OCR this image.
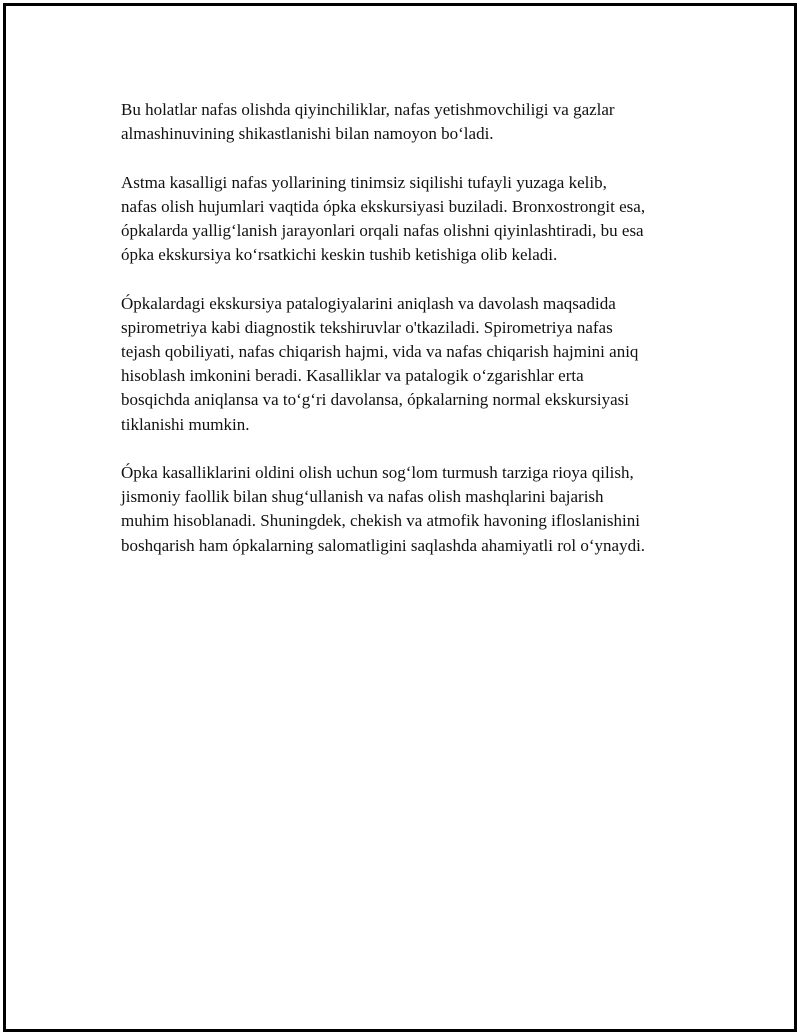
Bu holatlar nafas olishda qiyinchiliklar, nafas yetishmovchiligi va gazlar
almashinuvining shikastlanishi bilan namoyon bo‘ladi.

Astma kasalligi nafas yollarining tinimsiz siqilishi tufayli yuzaga kelib,
nafas olish hujumlari vaqtida ópka ekskursiyasi buziladi. Bronxostrongit esa,
ópkalarda yallig‘lanish jarayonlari orqali nafas olishni qiyinlashtiradi, bu esa
ópka ekskursiya ko‘rsatkichi keskin tushib ketishiga olib keladi.

Ópkalardagi ekskursiya patalogiyalarini aniqlash va davolash maqsadida
spirometriya kabi diagnostik tekshiruvlar o'tkaziladi. Spirometriya nafas
tejash qobiliyati, nafas chiqarish hajmi, vida va nafas chiqarish hajmini aniq
hisoblash imkonini beradi. Kasalliklar va patalogik o‘zgarishlar erta
bosqichda aniqlansa va to‘g‘ri davolansa, ópkalarning normal ekskursiyasi
tiklanishi mumkin.

Ópka kasalliklarini oldini olish uchun sog‘lom turmush tarziga rioya qilish,
jismoniy faollik bilan shug‘ullanish va nafas olish mashqlarini bajarish
muhim hisoblanadi. Shuningdek, chekish va atmofik havoning ifloslanishini
boshqarish ham ópkalarning salomatligini saqlashda ahamiyatli rol o‘ynaydi.
